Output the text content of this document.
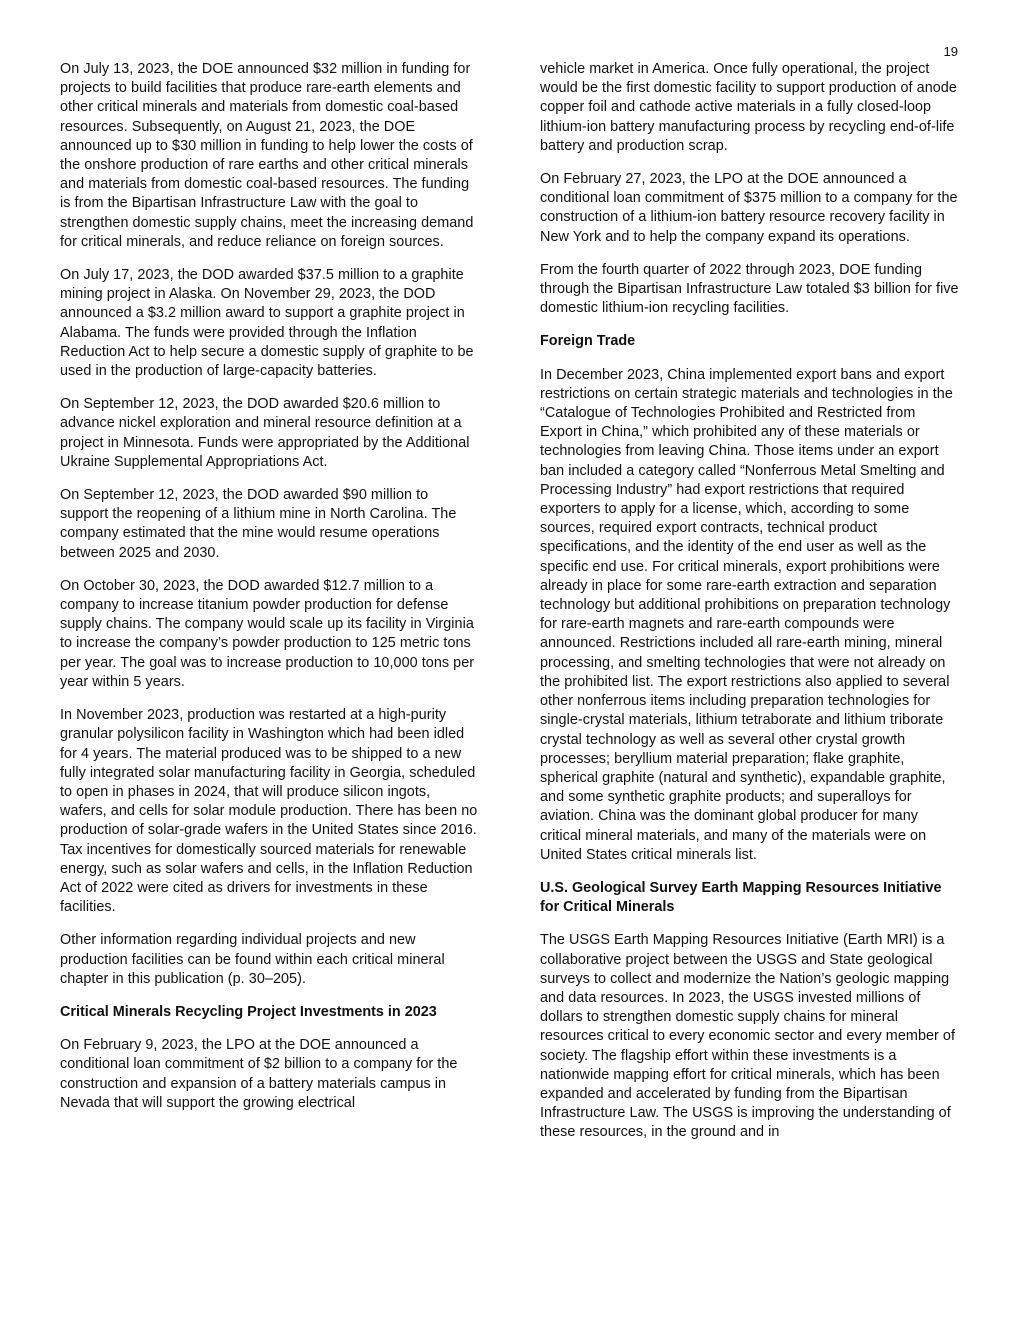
19

On July 13, 2023, the DOE announced $32 million in funding for projects to build facilities that produce rare-earth elements and other critical minerals and materials from domestic coal-based resources. Subsequently, on August 21, 2023, the DOE announced up to $30 million in funding to help lower the costs of the onshore production of rare earths and other critical minerals and materials from domestic coal-based resources. The funding is from the Bipartisan Infrastructure Law with the goal to strengthen domestic supply chains, meet the increasing demand for critical minerals, and reduce reliance on foreign sources.

On July 17, 2023, the DOD awarded $37.5 million to a graphite mining project in Alaska. On November 29, 2023, the DOD announced a $3.2 million award to support a graphite project in Alabama. The funds were provided through the Inflation Reduction Act to help secure a domestic supply of graphite to be used in the production of large-capacity batteries.

On September 12, 2023, the DOD awarded $20.6 million to advance nickel exploration and mineral resource definition at a project in Minnesota. Funds were appropriated by the Additional Ukraine Supplemental Appropriations Act.

On September 12, 2023, the DOD awarded $90 million to support the reopening of a lithium mine in North Carolina. The company estimated that the mine would resume operations between 2025 and 2030.

On October 30, 2023, the DOD awarded $12.7 million to a company to increase titanium powder production for defense supply chains. The company would scale up its facility in Virginia to increase the company’s powder production to 125 metric tons per year. The goal was to increase production to 10,000 tons per year within 5 years.

In November 2023, production was restarted at a high-purity granular polysilicon facility in Washington which had been idled for 4 years. The material produced was to be shipped to a new fully integrated solar manufacturing facility in Georgia, scheduled to open in phases in 2024, that will produce silicon ingots, wafers, and cells for solar module production. There has been no production of solar-grade wafers in the United States since 2016. Tax incentives for domestically sourced materials for renewable energy, such as solar wafers and cells, in the Inflation Reduction Act of 2022 were cited as drivers for investments in these facilities.

Other information regarding individual projects and new production facilities can be found within each critical mineral chapter in this publication (p. 30–205).

Critical Minerals Recycling Project Investments in 2023

On February 9, 2023, the LPO at the DOE announced a conditional loan commitment of $2 billion to a company for the construction and expansion of a battery materials campus in Nevada that will support the growing electrical

vehicle market in America. Once fully operational, the project would be the first domestic facility to support production of anode copper foil and cathode active materials in a fully closed-loop lithium-ion battery manufacturing process by recycling end-of-life battery and production scrap.

On February 27, 2023, the LPO at the DOE announced a conditional loan commitment of $375 million to a company for the construction of a lithium-ion battery resource recovery facility in New York and to help the company expand its operations.

From the fourth quarter of 2022 through 2023, DOE funding through the Bipartisan Infrastructure Law totaled $3 billion for five domestic lithium-ion recycling facilities.

Foreign Trade

In December 2023, China implemented export bans and export restrictions on certain strategic materials and technologies in the “Catalogue of Technologies Prohibited and Restricted from Export in China,” which prohibited any of these materials or technologies from leaving China. Those items under an export ban included a category called “Nonferrous Metal Smelting and Processing Industry” had export restrictions that required exporters to apply for a license, which, according to some sources, required export contracts, technical product specifications, and the identity of the end user as well as the specific end use. For critical minerals, export prohibitions were already in place for some rare-earth extraction and separation technology but additional prohibitions on preparation technology for rare-earth magnets and rare-earth compounds were announced. Restrictions included all rare-earth mining, mineral processing, and smelting technologies that were not already on the prohibited list. The export restrictions also applied to several other nonferrous items including preparation technologies for single-crystal materials, lithium tetraborate and lithium triborate crystal technology as well as several other crystal growth processes; beryllium material preparation; flake graphite, spherical graphite (natural and synthetic), expandable graphite, and some synthetic graphite products; and superalloys for aviation. China was the dominant global producer for many critical mineral materials, and many of the materials were on United States critical minerals list.

U.S. Geological Survey Earth Mapping Resources Initiative for Critical Minerals

The USGS Earth Mapping Resources Initiative (Earth MRI) is a collaborative project between the USGS and State geological surveys to collect and modernize the Nation’s geologic mapping and data resources. In 2023, the USGS invested millions of dollars to strengthen domestic supply chains for mineral resources critical to every economic sector and every member of society. The flagship effort within these investments is a nationwide mapping effort for critical minerals, which has been expanded and accelerated by funding from the Bipartisan Infrastructure Law. The USGS is improving the understanding of these resources, in the ground and in
